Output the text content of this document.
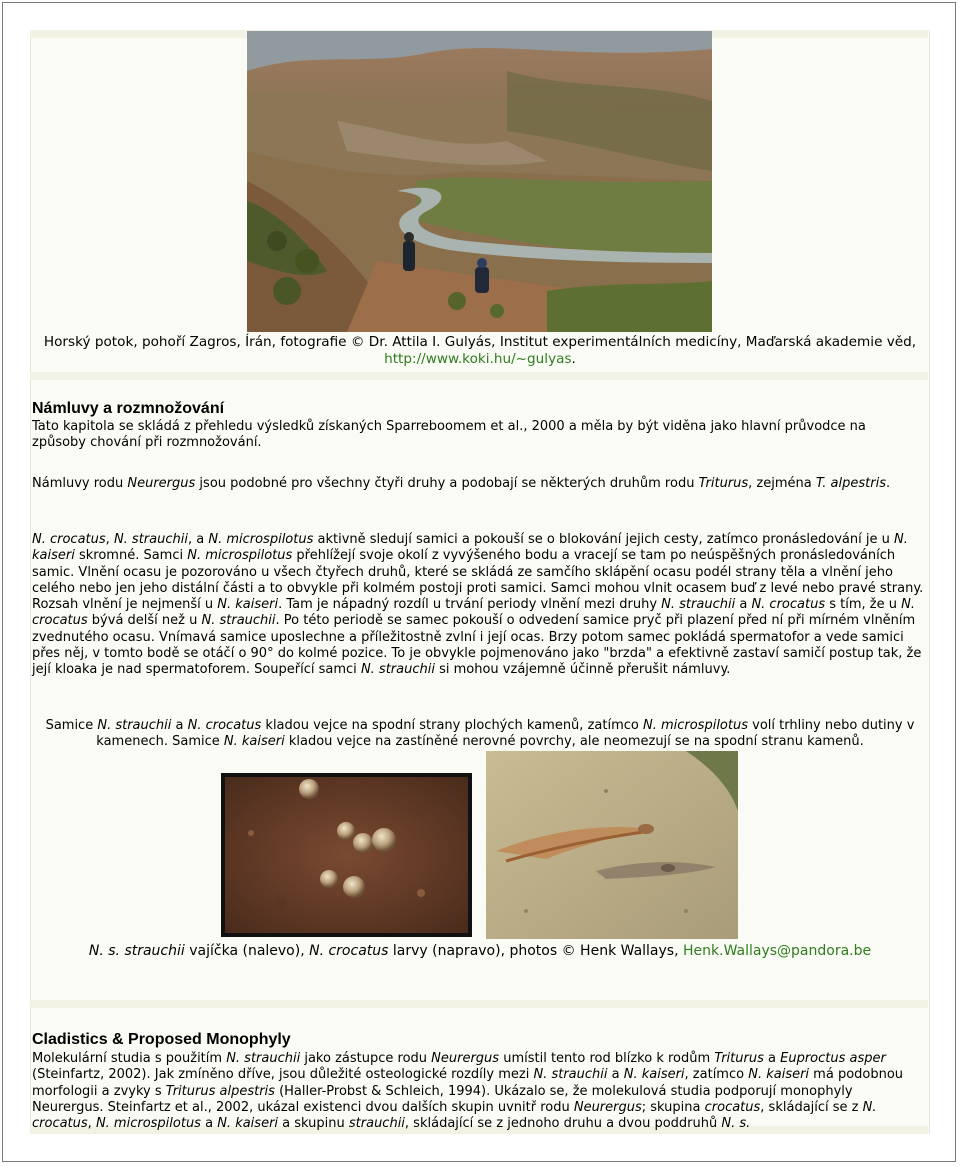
Horský potok, pohoří Zagros, Írán, fotografie © Dr. Attila I. Gulyás, Institut experimentálních medicíny, Maďarská akademie věd, http://www.koki.hu/~gulyas.
Námluvy a rozmnožování
Tato kapitola se skládá z přehledu výsledků získaných Sparreboomem et al., 2000 a měla by být viděna jako hlavní průvodce na způsoby chování při rozmnožování.
Námluvy rodu Neurergus jsou podobné pro všechny čtyři druhy a podobají se některých druhům rodu Triturus, zejména T. alpestris.
N. crocatus, N. strauchii, a N. microspilotus aktivně sledují samici a pokouší se o blokování jejich cesty, zatímco pronásledování je u N. kaiseri skromné. Samci N. microspilotus přehlížejí svoje okolí z vyvýšeného bodu a vracejí se tam po neúspěšných pronásledováních samic. Vlnění ocasu je pozorováno u všech čtyřech druhů, které se skládá ze samčího sklápění ocasu podél strany těla a vlnění jeho celého nebo jen jeho distální části a to obvykle při kolmém postoji proti samici. Samci mohou vlnit ocasem buď z levé nebo pravé strany. Rozsah vlnění je nejmenší u N. kaiseri. Tam je nápadný rozdíl u trvání periody vlnění mezi druhy N. strauchii a N. crocatus s tím, že u N. crocatus bývá delší než u N. strauchii. Po této periodě se samec pokouší o odvedení samice pryč při plazení před ní při mírném vlněním zvednutého ocasu. Vnímavá samice uposlechne a příležitostně zvlní i její ocas. Brzy potom samec pokládá spermatofor a vede samici přes něj, v tomto bodě se otáčí o 90° do kolmé pozice. To je obvykle pojmenováno jako "brzda" a efektivně zastaví samičí postup tak, že její kloaka je nad spermatoforem. Soupeřící samci N. strauchii si mohou vzájemně účinně přerušit námluvy.
Samice N. strauchii a N. crocatus kladou vejce na spodní strany plochých kamenů, zatímco N. microspilotus volí trhliny nebo dutiny v kamenech. Samice N. kaiseri kladou vejce na zastíněné nerovné povrchy, ale neomezují se na spodní stranu kamenů.
N. s. strauchii vajíčka (nalevo), N. crocatus larvy (napravo), photos © Henk Wallays, Henk.Wallays@pandora.be
Cladistics & Proposed Monophyly
Molekulární studia s použitím N. strauchii jako zástupce rodu Neurergus umístil tento rod blízko k rodům Triturus a Euproctus asper (Steinfartz, 2002). Jak zmíněno dříve, jsou důležité osteologické rozdíly mezi N. strauchii a N. kaiseri, zatímco N. kaiseri má podobnou morfologii a zvyky s Triturus alpestris (Haller-Probst & Schleich, 1994). Ukázalo se, že molekulová studia podporují monophyly Neurergus. Steinfartz et al., 2002, ukázal existenci dvou dalších skupin uvnitř rodu Neurergus; skupina crocatus, skládající se z N. crocatus, N. microspilotus a N. kaiseri a skupinu strauchii, skládající se z jednoho druhu a dvou poddruhů N. s.
